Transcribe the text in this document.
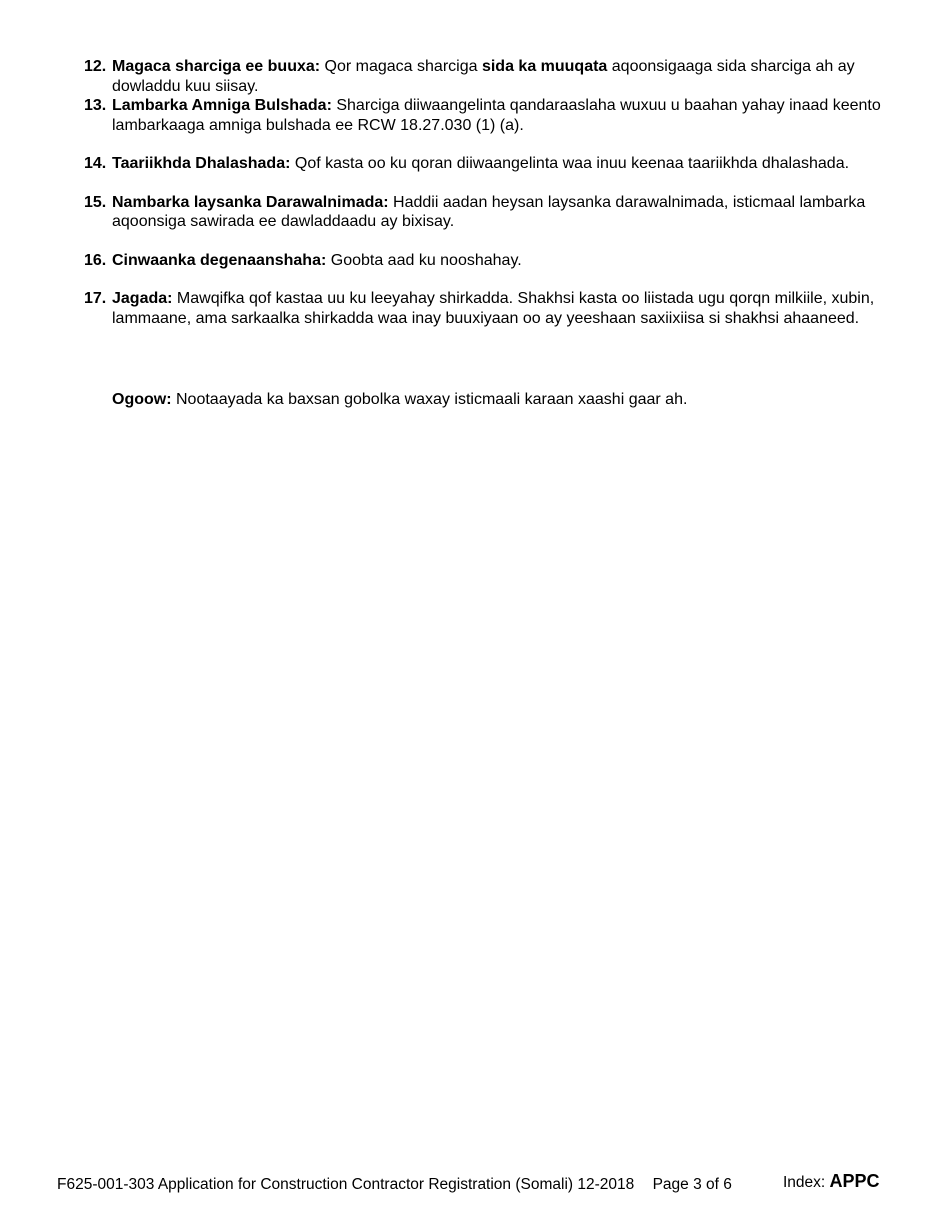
12. Magaca sharciga ee buuxa: Qor magaca sharciga sida ka muuqata aqoonsigaaga sida sharciga ah ay dowladdu kuu siisay.
13. Lambarka Amniga Bulshada: Sharciga diiwaangelinta qandaraaslaha wuxuu u baahan yahay inaad keento lambarkaaga amniga bulshada ee RCW 18.27.030 (1) (a).
14. Taariikhda Dhalashada: Qof kasta oo ku qoran diiwaangelinta waa inuu keenaa taariikhda dhalashada.
15. Nambarka laysanka Darawalnimada: Haddii aadan heysan laysanka darawalnimada, isticmaal lambarka aqoonsiga sawirada ee dawladdaadu ay bixisay.
16. Cinwaanka degenaanshaha: Goobta aad ku nooshahay.
17. Jagada: Mawqifka qof kastaa uu ku leeyahay shirkadda. Shakhsi kasta oo liistada ugu qorqn milkiile, xubin, lammaane, ama sarkaalka shirkadda waa inay buuxiyaan oo ay yeeshaan saxiixiisa si shakhsi ahaaneed.
Ogoow: Nootaayada ka baxsan gobolka waxay isticmaali karaan xaashi gaar ah.
F625-001-303 Application for Construction Contractor Registration (Somali) 12-2018 Page 3 of 6	Index: APPC
